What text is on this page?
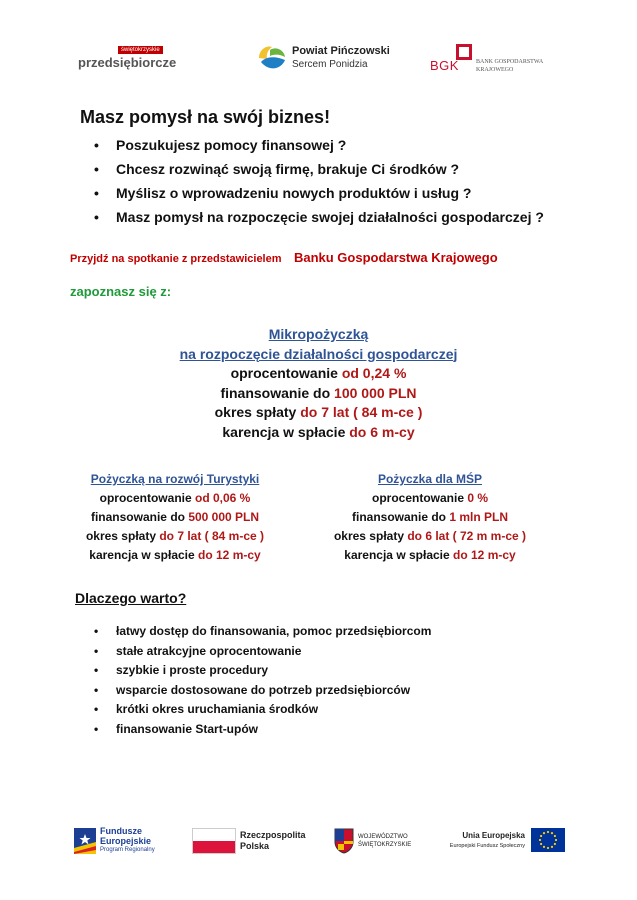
świętokrzyskie
przedsiębiorcze
Powiat Pińczowski
Sercem Ponidzia	BGK	BANK GOSPODARSTWA
KRAJOWEGO
Masz pomysł na swój biznes!
• Poszukujesz pomocy finansowej ?
• Chcesz rozwinąć swoją firmę, brakuje Ci środków ?
• Myślisz o wprowadzeniu nowych produktów i usług ?
• Masz pomysł na rozpoczęcie swojej działalności gospodarczej ?
Przyjdź na spotkanie z przedstawicielem Banku Gospodarstwa Krajowego
zapoznasz się z:
Mikropożyczką
na rozpoczęcie działalności gospodarczej
oprocentowanie od 0,24 %
finansowanie do 100 000 PLN
okres spłaty do 7 lat ( 84 m-ce )
karencja w spłacie do 6 m-cy
Pożyczką na rozwój Turystyki
oprocentowanie od 0,06 %
finansowanie do 500 000 PLN
okres spłaty do 7 lat ( 84 m-ce )
karencja w spłacie do 12 m-cy
Pożyczka dla MŚP
oprocentowanie 0 %
finansowanie do 1 mln PLN
okres spłaty do 6 lat ( 72 m m-ce )
karencja w spłacie do 12 m-cy
Dlaczego warto?
• łatwy dostęp do finansowania, pomoc przedsiębiorcom
• stałe atrakcyjne oprocentowanie
• szybkie i proste procedury
• wsparcie dostosowane do potrzeb przedsiębiorców
• krótki okres uruchamiania środków
• finansowanie Start-upów
Fundusze
Europejskie
Program Regionalny
Rzeczpospolita
Polska
WOJEWÓDZTWO
ŚWIĘTOKRZYSKIE
Unia Europejska
Europejski Fundusz Społeczny
